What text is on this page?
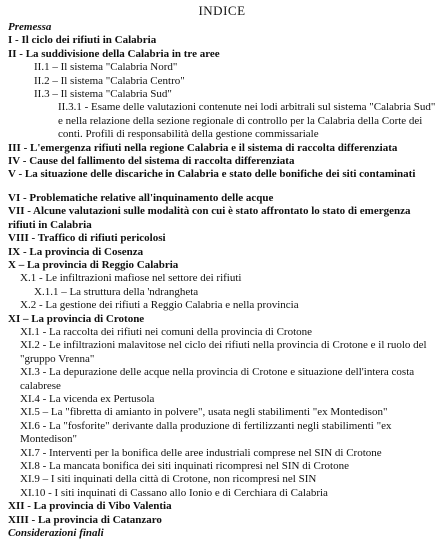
INDICE
Premessa
I - Il ciclo dei rifiuti in Calabria
II - La suddivisione della Calabria in tre aree
II.1 – Il sistema "Calabria Nord"
II.2 – Il sistema "Calabria Centro"
II.3 – Il sistema "Calabria Sud"
II.3.1 - Esame delle valutazioni contenute nei lodi arbitrali sul sistema "Calabria Sud" e nella relazione della sezione regionale di controllo per la Calabria della Corte dei conti. Profili di responsabilità della gestione commissariale
III - L'emergenza rifiuti nella regione Calabria e il sistema di raccolta differenziata
IV - Cause del fallimento del sistema di raccolta differenziata
V - La situazione delle discariche in Calabria e stato delle bonifiche dei siti contaminati
VI - Problematiche relative all'inquinamento delle acque
VII - Alcune valutazioni sulle modalità con cui è stato affrontato lo stato di emergenza rifiuti in Calabria
VIII - Traffico di rifiuti pericolosi
IX - La provincia di Cosenza
X – La provincia di Reggio Calabria
X.1 - Le infiltrazioni mafiose nel settore dei rifiuti
X.1.1 – La struttura della 'ndrangheta
X.2 - La gestione dei rifiuti a Reggio Calabria e nella provincia
XI – La provincia di Crotone
XI.1 - La raccolta dei rifiuti nei comuni della provincia di Crotone
XI.2 - Le infiltrazioni malavitose nel ciclo dei rifiuti nella provincia di Crotone e il ruolo del "gruppo Vrenna"
XI.3 - La depurazione delle acque nella provincia di Crotone e situazione dell'intera costa calabrese
XI.4 - La vicenda ex Pertusola
XI.5 – La "fibretta di amianto in polvere", usata negli stabilimenti "ex Montedison"
XI.6 - La "fosforite" derivante dalla produzione di fertilizzanti negli stabilimenti "ex Montedison"
XI.7 - Interventi per la bonifica delle aree industriali comprese nel SIN di Crotone
XI.8 - La mancata bonifica dei siti inquinati ricompresi nel SIN di Crotone
XI.9 – I siti inquinati della città di Crotone, non ricompresi nel SIN
XI.10 - I siti inquinati di Cassano allo Ionio e di Cerchiara di Calabria
XII - La provincia di Vibo Valentia
XIII - La provincia di Catanzaro
Considerazioni finali
